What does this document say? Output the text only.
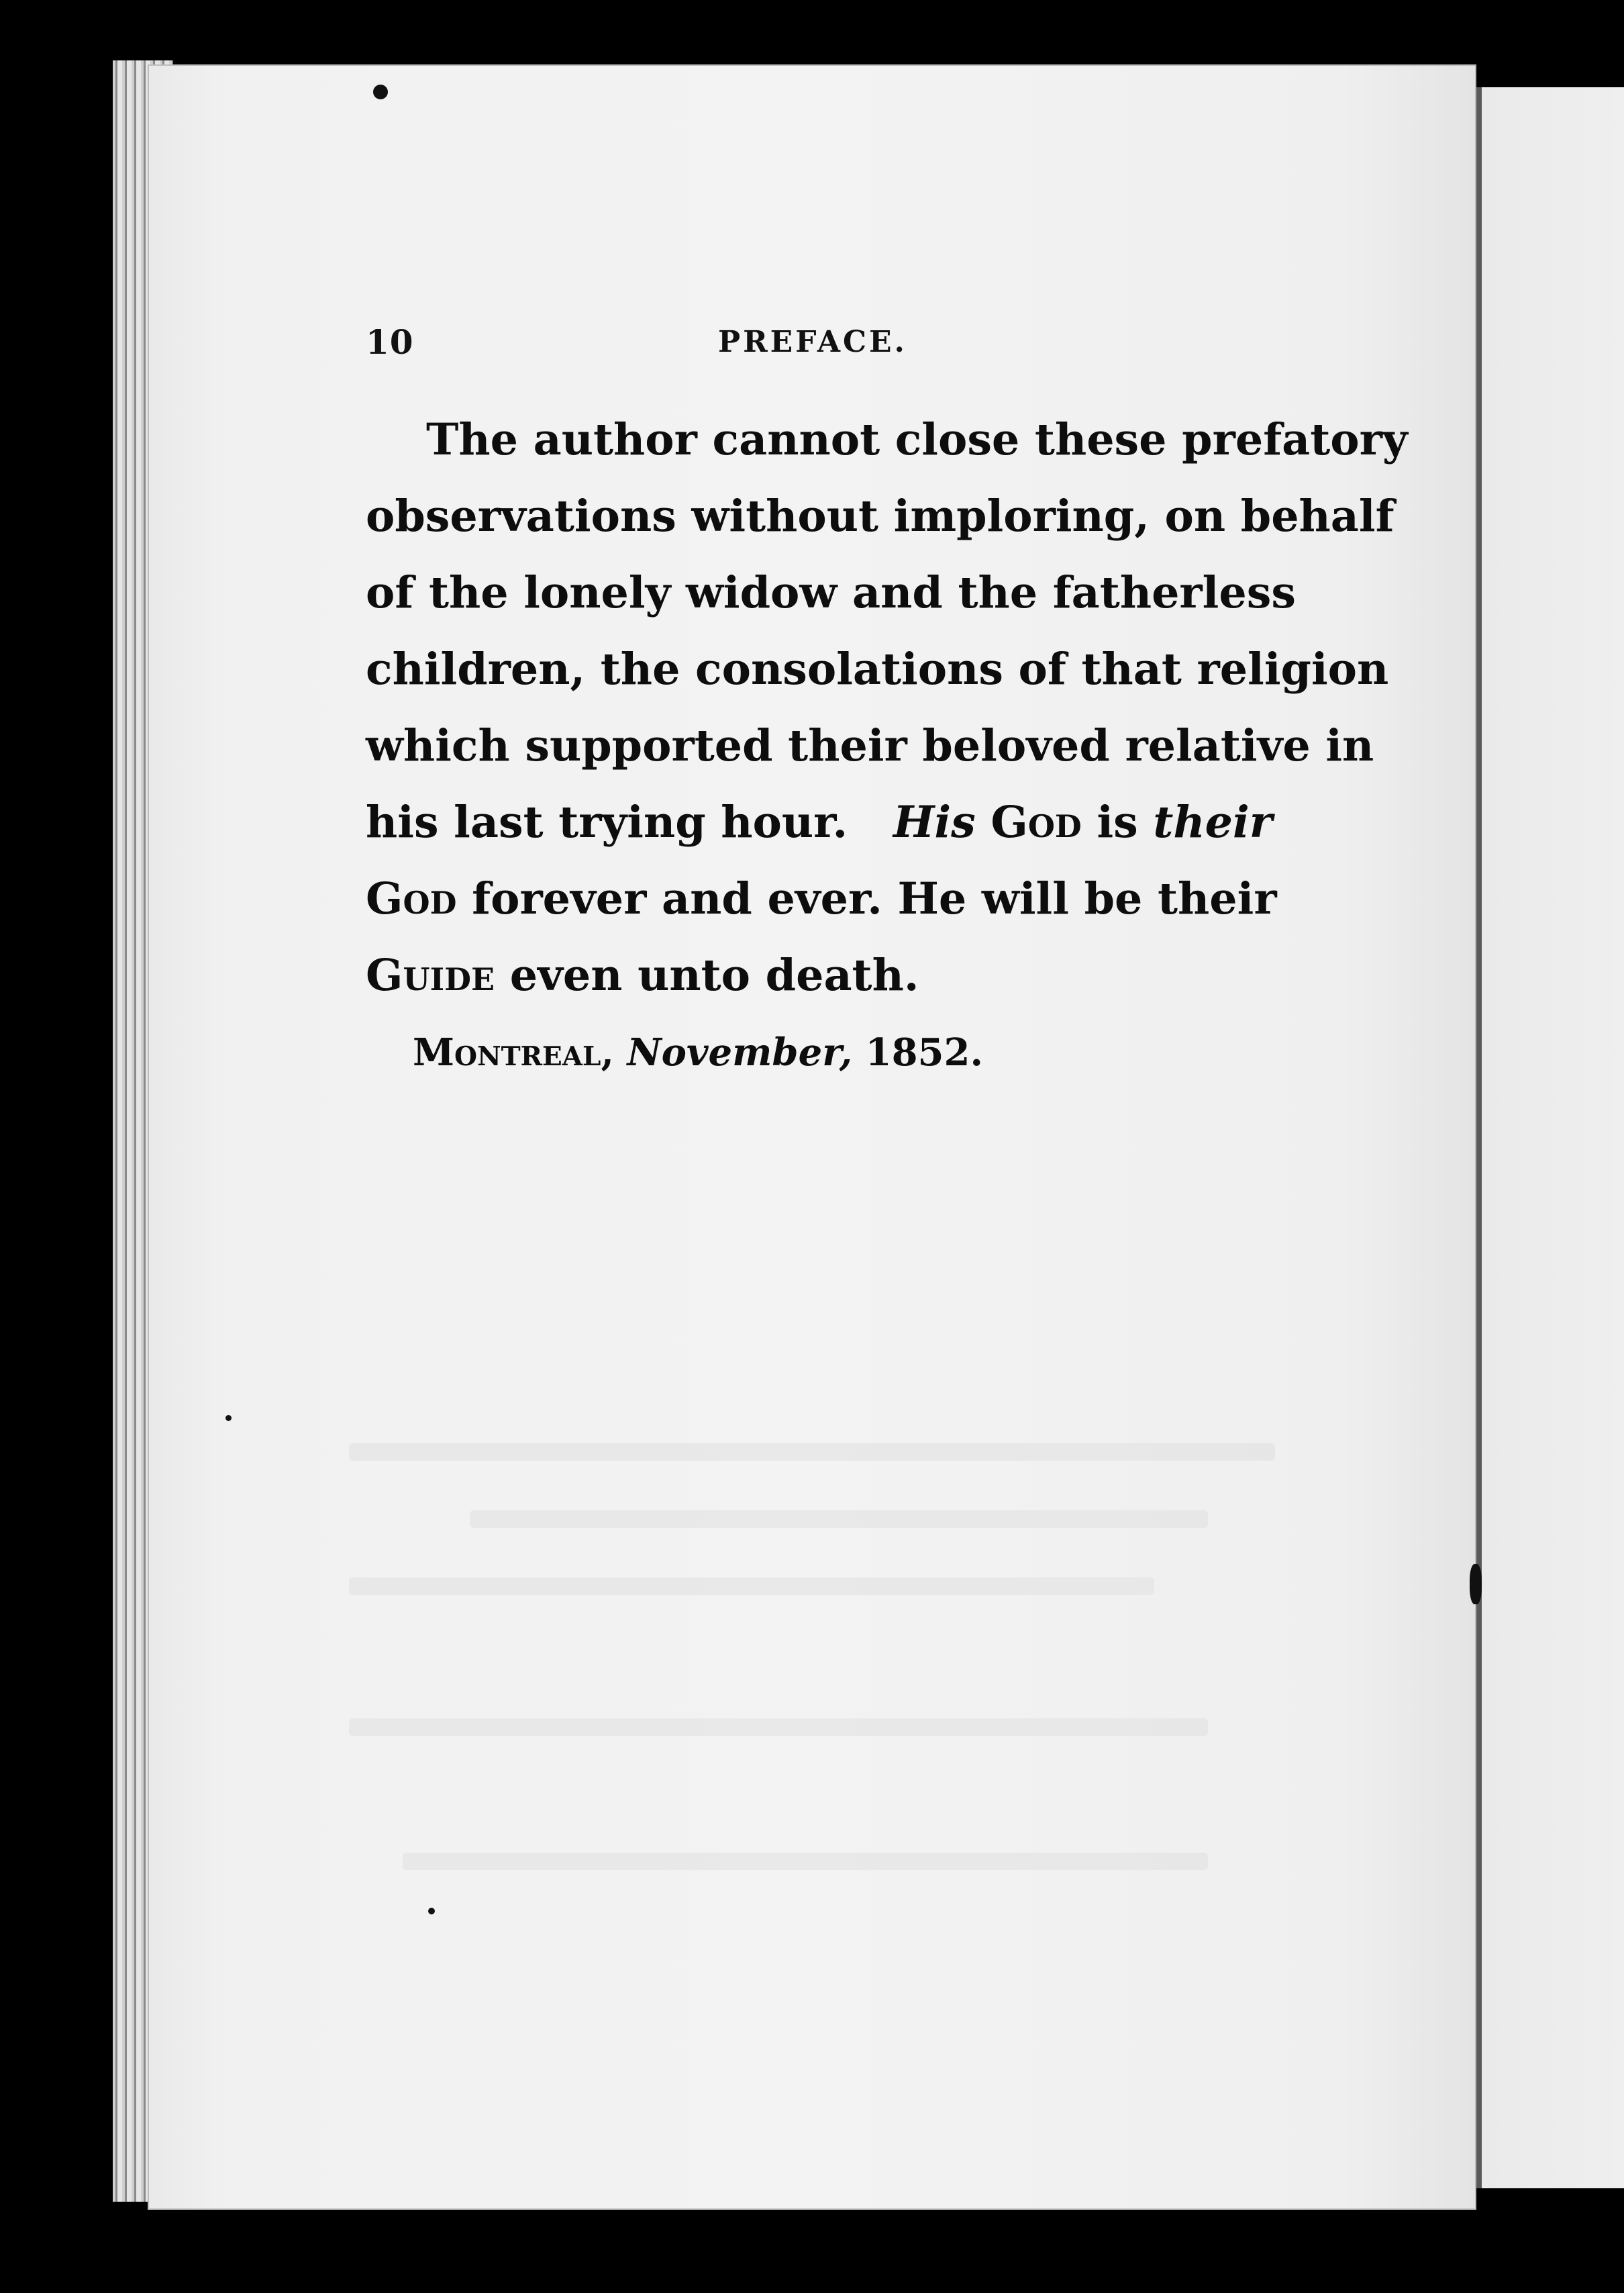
10	PREFACE.
The author cannot close these prefatory
observations without imploring, on behalf
of the lonely widow and the fatherless
children, the consolations of that religion
which supported their beloved relative in
his last trying hour. His God is their
God forever and ever. He will be their
Guide even unto death.
Montreal, November, 1852.
